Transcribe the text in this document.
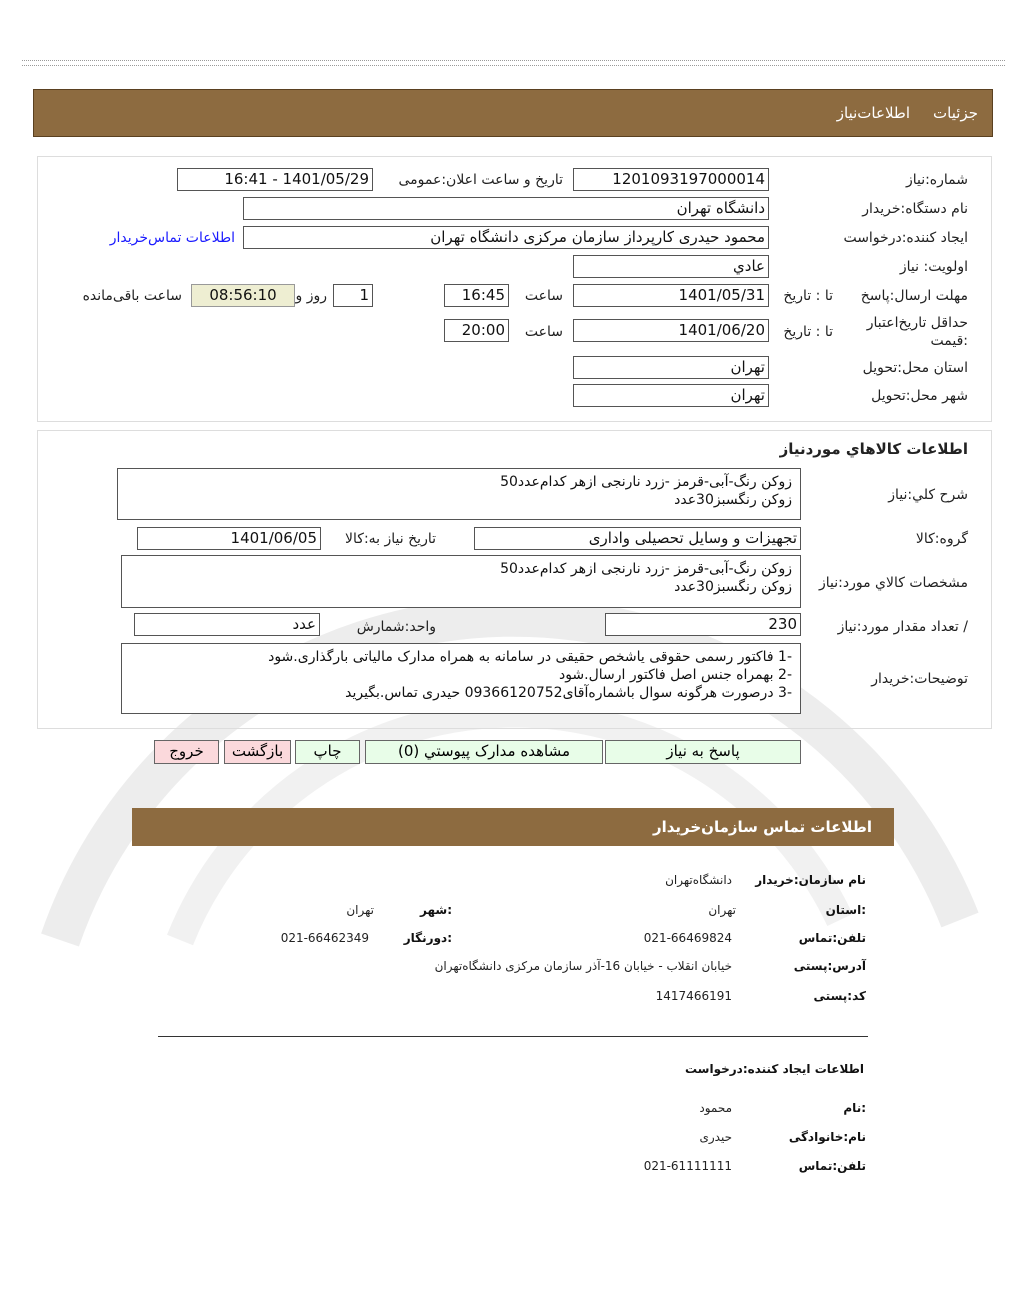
جزئیات
اطلاعات‌نیاز
شماره:نیاز
1201093197000014
تاریخ و ساعت اعلان:عمومی
1401/05/29 - 16:41
نام دستگاه:خریدار
دانشگاه تهران
ایجاد کننده:درخواست
محمود حیدری کارپرداز سازمان مرکزی دانشگاه تهران
اطلاعات تماس‌خریدار
اولویت: نیاز
عادي
مهلت ارسال:پاسخ
تا : تاریخ
1401/05/31
ساعت
16:45
1
روز و
08:56:10
ساعت باقی‌مانده
حداقل تاریخ‌اعتبار :قیمت
تا : تاریخ
1401/06/20
ساعت
20:00
استان محل:تحویل
تهران
شهر محل:تحویل
تهران
اطلاعات کالاهاي موردنیاز
شرح کلي:نیاز
زوکن رنگ-آبی-قرمز -زرد نارنجی ازهر کدام‌عدد50
زوکن رنگسبز30عدد
گروه:کالا
تجهیزات و وسایل تحصیلی واداری
تاریخ نیاز به:کالا
1401/06/05
مشخصات کالاي مورد:نیاز
زوکن رنگ-آبی-قرمز -زرد نارنجی ازهر کدام‌عدد50
زوکن رنگسبز30عدد
/ تعداد مقدار مورد:نیاز
230
واحد:شمارش
عدد
توضیحات:خریدار
-1 فاکتور رسمی حقوقی یاشخص حقیقی در سامانه به همراه مدارک مالیاتی بارگذاری.شود
-2 بهمراه جنس اصل فاکتور ارسال.شود
-3 درصورت هرگونه سوال باشماره‌آقای09366120752 حیدری تماس.بگیرید
پاسخ به نیاز
مشاهده مدارک پیوستي (0)
چاپ
بازگشت
خروج
اطلاعات تماس سازمان‌خریدار
نام سازمان:خریدار
دانشگاه‌تهران
:استان
تهران
:شهر
تهران
تلفن:تماس
021-66469824
:دورنگار
021-66462349
آدرس:پستی
خیابان انقلاب - خیابان 16-آذر سازمان مرکزی دانشگاه‌تهران
کد:پستی
1417466191
اطلاعات ایجاد کننده:درخواست
:نام
محمود
نام:خانوادگی
حیدری
تلفن:تماس
021-61111111
